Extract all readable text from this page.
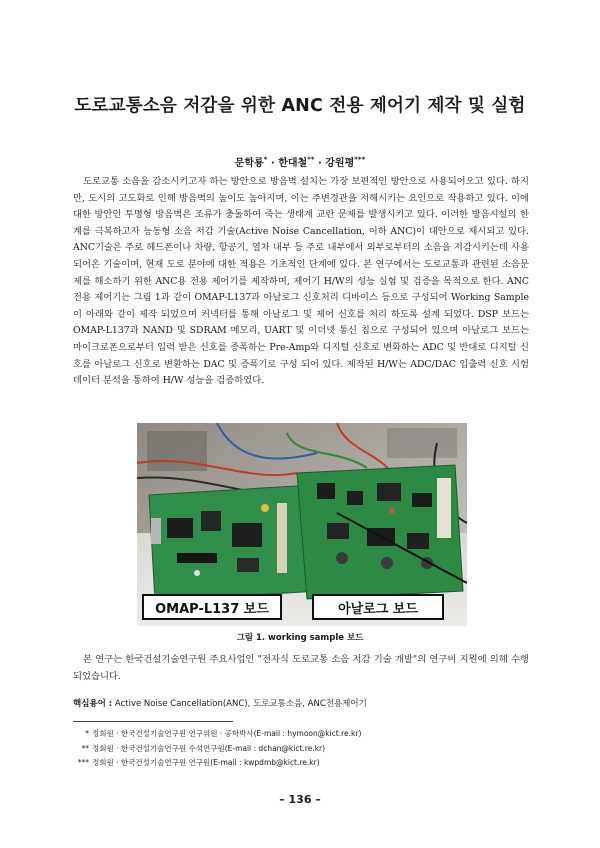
도로교통소음 저감을 위한 ANC 전용 제어기 제작 및 실험
문학룡* · 한대철** · 강원평***

도로교통 소음을 감소시키고자 하는 방안으로 방음벽 설치는 가장 보편적인 방안으로 사용되어오고 있다. 하지만, 도시의 고도화로 인해 방음벽의 높이도 높아지며, 이는 주변경관을 저해시키는 요인으로 작용하고 있다. 이에 대한 방안인 투명형 방음벽은 조류가 충돌하여 죽는 생태계 교란 문제를 발생시키고 있다. 이러한 방음시설의 한계를 극복하고자 능동형 소음 저감 기술(Active Noise Cancellation, 이하 ANC)이 대안으로 제시되고 있다. ANC기술은 주로 헤드폰이나 차량, 항공기, 열차 내부 등 주로 내부에서 외부로부터의 소음을 저감시키는데 사용되어온 기술이며, 현재 도로 분야에 대한 적용은 기초적인 단계에 있다. 본 연구에서는 도로교통과 관련된 소음문제를 해소하기 위한 ANC용 전용 제어기를 제작하며, 제어기 H/W의 성능 실험 및 검증을 목적으로 한다. ANC 전용 제어기는 그림 1과 같이 OMAP-L137과 아날로그 신호처리 디바이스 등으로 구성되어 Working Sample이 아래와 같이 제작 되었으며 커넥터를 통해 아날로그 및 제어 신호를 처리 하도록 설계 되었다. DSP 보드는 OMAP-L137과 NAND 및 SDRAM 메모리, UART 및 이더넷 통신 칩으로 구성되어 있으며 아날로그 보드는 마이크로폰으로부터 입력 받은 신호를 증폭하는 Pre-Amp와 디지털 신호로 변화하는 ADC 및 반대로 디지털 신호를 아날로그 신호로 변환하는 DAC 및 증폭기로 구성 되어 있다. 제작된 H/W는 ADC/DAC 입출력 신호 시험 데이터 분석을 통하여 H/W 성능을 검증하였다.

OMAP-L137 보드	아날로그 보드
그림 1. working sample 보드

본 연구는 한국건설기술연구원 주요사업인 "전자식 도로교통 소음 저감 기술 개발"의 연구비 지원에 의해 수행되었습니다.

핵심용어 : Active Noise Cancellation(ANC), 도로교통소음, ANC전용제어기
* 정회원 · 한국건설기술연구원 연구위원 · 공학박사(E-mail : hymoon@kict.re.kr)
** 정회원 · 한국건설기술연구원 수석연구원(E-mail : dchan@kict.re.kr)
*** 정회원 · 한국건설기술연구원 연구원(E-mail : kwpdmb@kict.re.kr)
– 136 –
